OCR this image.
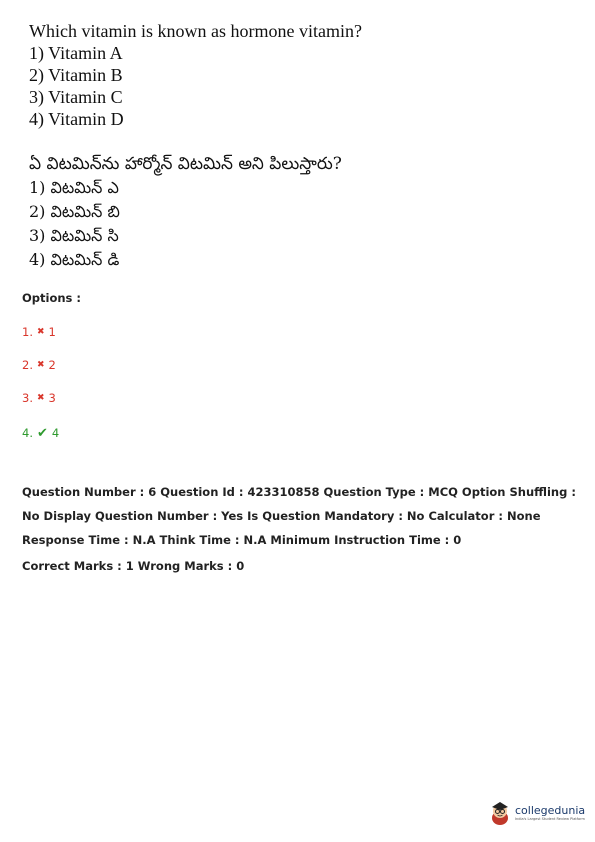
Which vitamin is known as hormone vitamin?
1) Vitamin A
2) Vitamin B
3) Vitamin C
4) Vitamin D
ఏ విటమిన్‌ను హార్మోన్ విటమిన్ అని పిలుస్తారు?
1) విటమిన్ ఎ
2) విటమిన్ బి
3) విటమిన్ సి
4) విటమిన్ డి
Options :
1. ✖ 1
2. ✖ 2
3. ✖ 3
4. ✔ 4
Question Number : 6 Question Id : 423310858 Question Type : MCQ Option Shuffling : No Display Question Number : Yes Is Question Mandatory : No Calculator : None Response Time : N.A Think Time : N.A Minimum Instruction Time : 0
Correct Marks : 1 Wrong Marks : 0
collegedunia
India's Largest Student Review Platform
